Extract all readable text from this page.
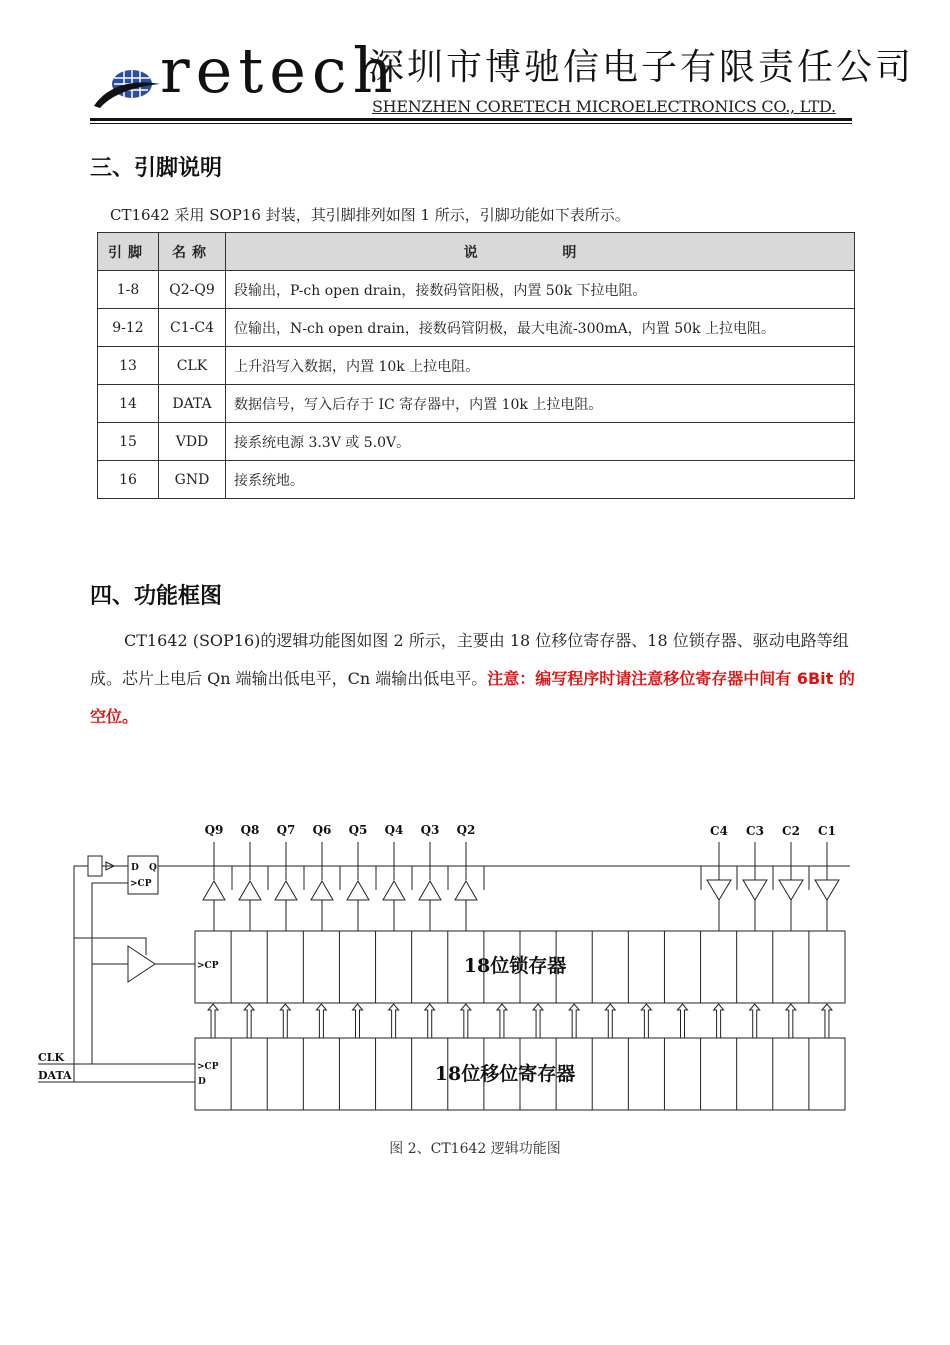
retech
深圳市博驰信电子有限责任公司
SHENZHEN CORETECH MICROELECTRONICS CO., LTD.
三、引脚说明
CT1642 采用 SOP16 封装，其引脚排列如图 1 所示，引脚功能如下表所示。
引脚	名称	说 明
1-8	Q2-Q9	段输出，P-ch open drain，接数码管阳极，内置 50k 下拉电阻。
9-12	C1-C4	位输出，N-ch open drain，接数码管阴极，最大电流-300mA，内置 50k 上拉电阻。
13	CLK	上升沿写入数据，内置 10k 上拉电阻。
14	DATA	数据信号，写入后存于 IC 寄存器中，内置 10k 上拉电阻。
15	VDD	接系统电源 3.3V 或 5.0V。
16	GND	接系统地。
四、功能框图
CT1642 (SOP16)的逻辑功能图如图 2 所示，主要由 18 位移位寄存器、18 位锁存器、驱动电路等组成。芯片上电后 Qn 端输出低电平，Cn 端输出低电平。注意：编写程序时请注意移位寄存器中间有 6Bit 的空位。
18位锁存器
18位移位寄存器
>CP
>CP
D
Q9 Q8 Q7 Q6 Q5 Q4 Q3 Q2	C4 C3 C2 C1
D Q
>CP
CLK
DATA
图 2、CT1642 逻辑功能图
